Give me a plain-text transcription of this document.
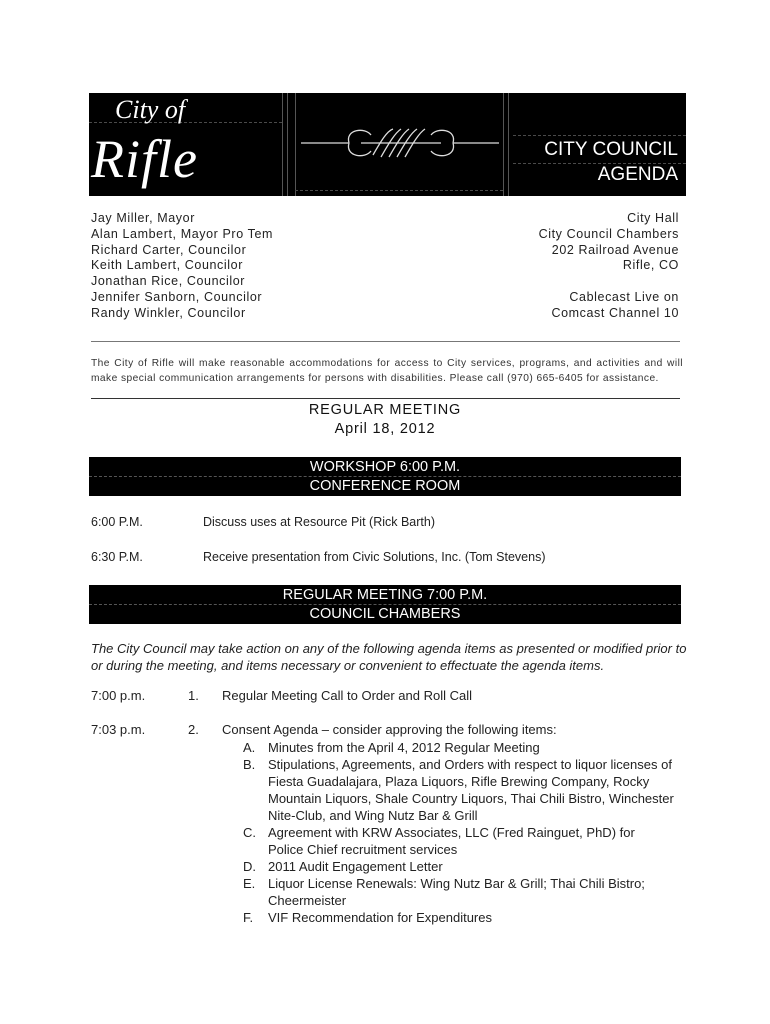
City of
Rifle	CITY COUNCIL
AGENDA
Jay Miller, Mayor
Alan Lambert, Mayor Pro Tem
Richard Carter, Councilor
Keith Lambert, Councilor
Jonathan Rice, Councilor
Jennifer Sanborn, Councilor
Randy Winkler, Councilor
City Hall
City Council Chambers
202 Railroad Avenue
Rifle, CO
Cablecast Live on
Comcast Channel 10
The City of Rifle will make reasonable accommodations for access to City services, programs, and activities and will make special communication arrangements for persons with disabilities. Please call (970) 665-6405 for assistance.
REGULAR MEETING
April 18, 2012
WORKSHOP 6:00 P.M.
CONFERENCE ROOM
6:00 P.M.	Discuss uses at Resource Pit (Rick Barth)
6:30 P.M.	Receive presentation from Civic Solutions, Inc. (Tom Stevens)
REGULAR MEETING 7:00 P.M.
COUNCIL CHAMBERS
The City Council may take action on any of the following agenda items as presented or modified prior to or during the meeting, and items necessary or convenient to effectuate the agenda items.
7:00 p.m.	1. Regular Meeting Call to Order and Roll Call
7:03 p.m.	2. Consent Agenda – consider approving the following items:
A. Minutes from the April 4, 2012 Regular Meeting
B. Stipulations, Agreements, and Orders with respect to liquor licenses of Fiesta Guadalajara, Plaza Liquors, Rifle Brewing Company, Rocky Mountain Liquors, Shale Country Liquors, Thai Chili Bistro, Winchester Nite-Club, and Wing Nutz Bar & Grill
C. Agreement with KRW Associates, LLC (Fred Rainguet, PhD) for Police Chief recruitment services
D. 2011 Audit Engagement Letter
E. Liquor License Renewals: Wing Nutz Bar & Grill; Thai Chili Bistro; Cheermeister
F. VIF Recommendation for Expenditures
